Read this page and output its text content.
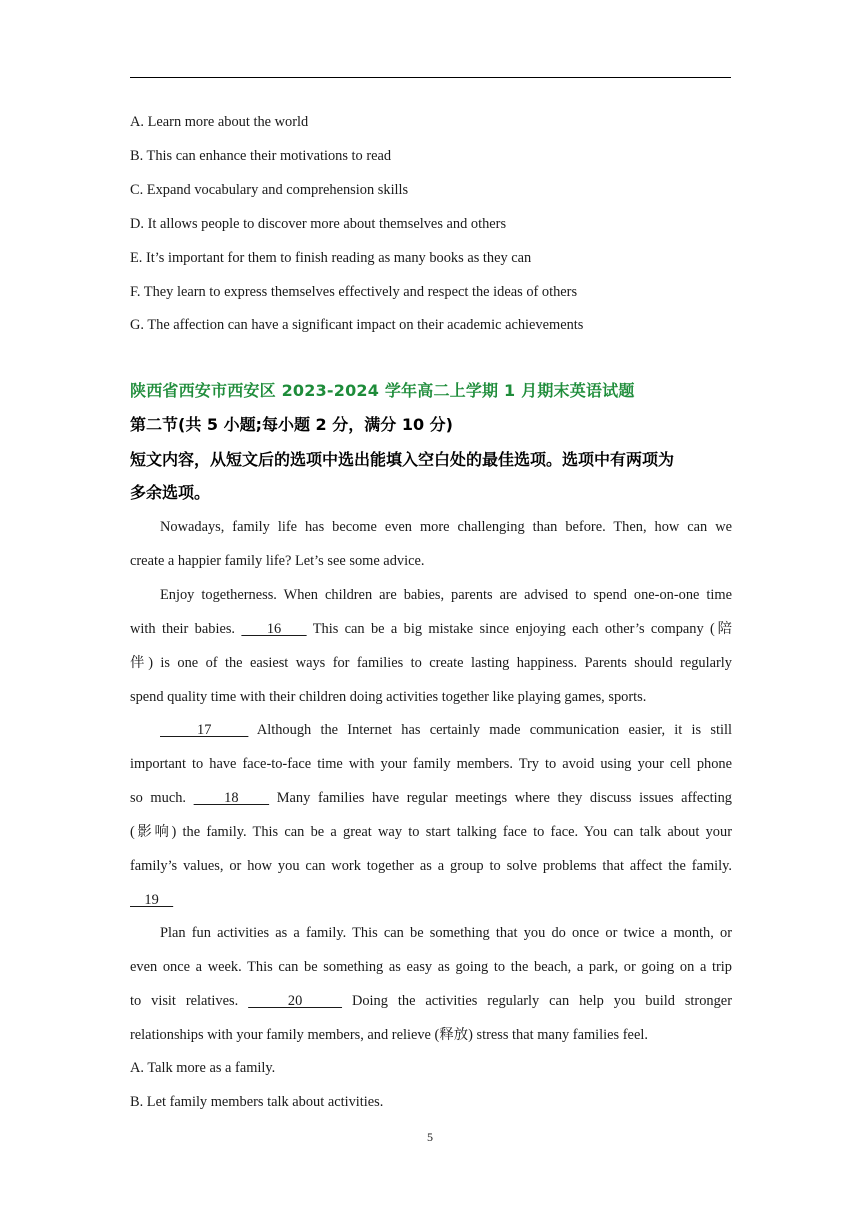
A. Learn more about the world
B. This can enhance their motivations to read
C. Expand vocabulary and comprehension skills
D. It allows people to discover more about themselves and others
E. It’s important for them to finish reading as many books as they can
F. They learn to express themselves effectively and respect the ideas of others
G. The affection can have a significant impact on their academic achievements
陕西省西安市西安区 2023-2024 学年高二上学期 1 月期末英语试题
第二节(共 5 小题;每小题 2 分，满分 10 分)
短文内容，从短文后的选项中选出能填入空白处的最佳选项。选项中有两项为
多余选项。
Nowadays, family life has become even more challenging than before. Then, how can we
create a happier family life? Let’s see some advice.
Enjoy togetherness. When children are babies, parents are advised to spend one-on-one time
with their babies.     16     This can be a big mistake since enjoying each other’s company (陪
伴) is one of the easiest ways for families to create lasting happiness. Parents should regularly
spend quality time with their children doing activities together like playing games, sports.
17     Although the Internet has certainly made communication easier, it is still
important to have face-to-face time with your family members. Try to avoid using your cell phone
so much.     18     Many families have regular meetings where they discuss issues affecting
(影响) the family. This can be a great way to start talking face to face. You can talk about your
family’s values, or how you can work together as a group to solve problems that affect the family.
19
Plan fun activities as a family. This can be something that you do once or twice a month, or
even once a week. This can be something as easy as going to the beach, a park, or going on a trip
to visit relatives.     20     Doing the activities regularly can help you build stronger
relationships with your family members, and relieve (释放) stress that many families feel.
A. Talk more as a family.
B. Let family members talk about activities.
5
